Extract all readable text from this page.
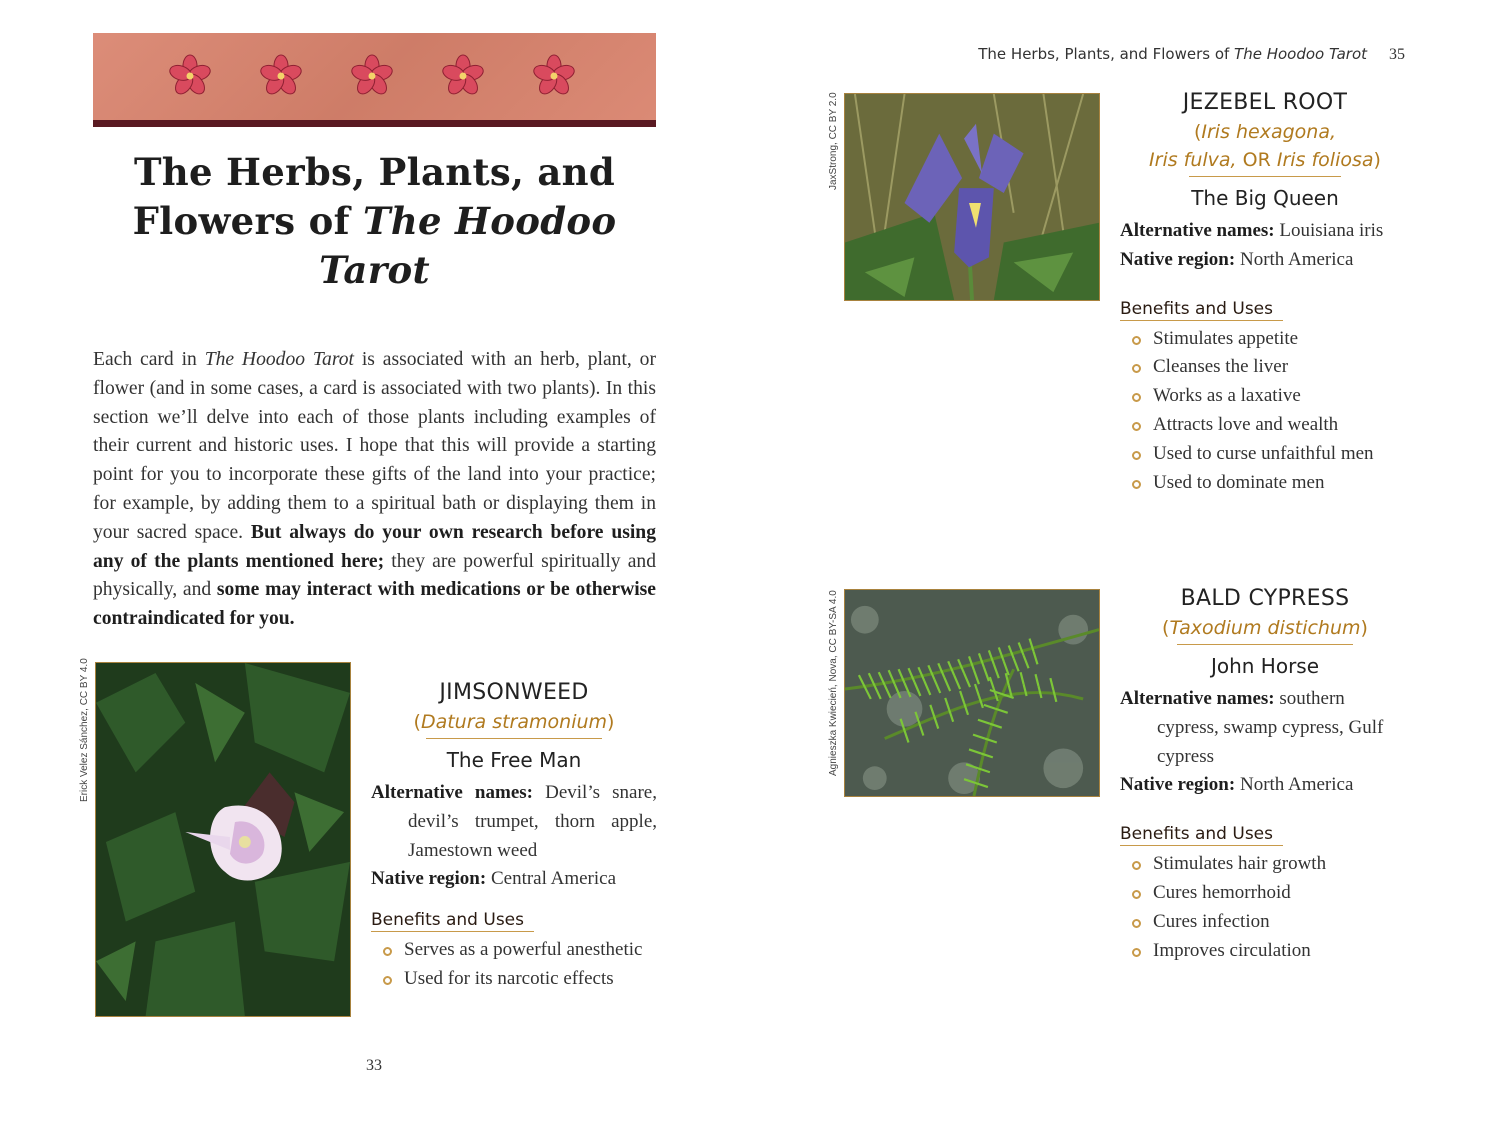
The Herbs, Plants, and
Flowers of The Hoodoo Tarot

Each card in The Hoodoo Tarot is associated with an herb, plant, or flower (and in some cases, a card is associated with two plants). In this section we’ll delve into each of those plants including examples of their current and historic uses. I hope that this will provide a starting point for you to incorporate these gifts of the land into your practice; for example, by adding them to a spiritual bath or displaying them in your sacred space. But always do your own research before using any of the plants mentioned here; they are powerful spiritually and physically, and some may interact with medications or be otherwise contraindicated for you.

Erick Velez Sánchez, CC BY 4.0	JIMSONWEED
(Datura stramonium)
The Free Man
Alternative names: Devil’s snare, devil’s trumpet, thorn apple, Jamestown weed
Native region: Central America
Benefits and Uses
Serves as a powerful anesthetic
Used for its narcotic effects
33
The Herbs, Plants, and Flowers of The Hoodoo Tarot 35
JaxStrong, CC BY 2.0	JEZEBEL ROOT
(Iris hexagona,
Iris fulva, OR Iris foliosa)
The Big Queen
Alternative names: Louisiana iris
Native region: North America
Benefits and Uses
Stimulates appetite
Cleanses the liver
Works as a laxative
Attracts love and wealth
Used to curse unfaithful men
Used to dominate men
Agnieszka Kwiecień, Nova, CC BY-SA 4.0	BALD CYPRESS
(Taxodium distichum)
John Horse
Alternative names: southern cypress, swamp cypress, Gulf cypress
Native region: North America
Benefits and Uses
Stimulates hair growth
Cures hemorrhoid
Cures infection
Improves circulation
